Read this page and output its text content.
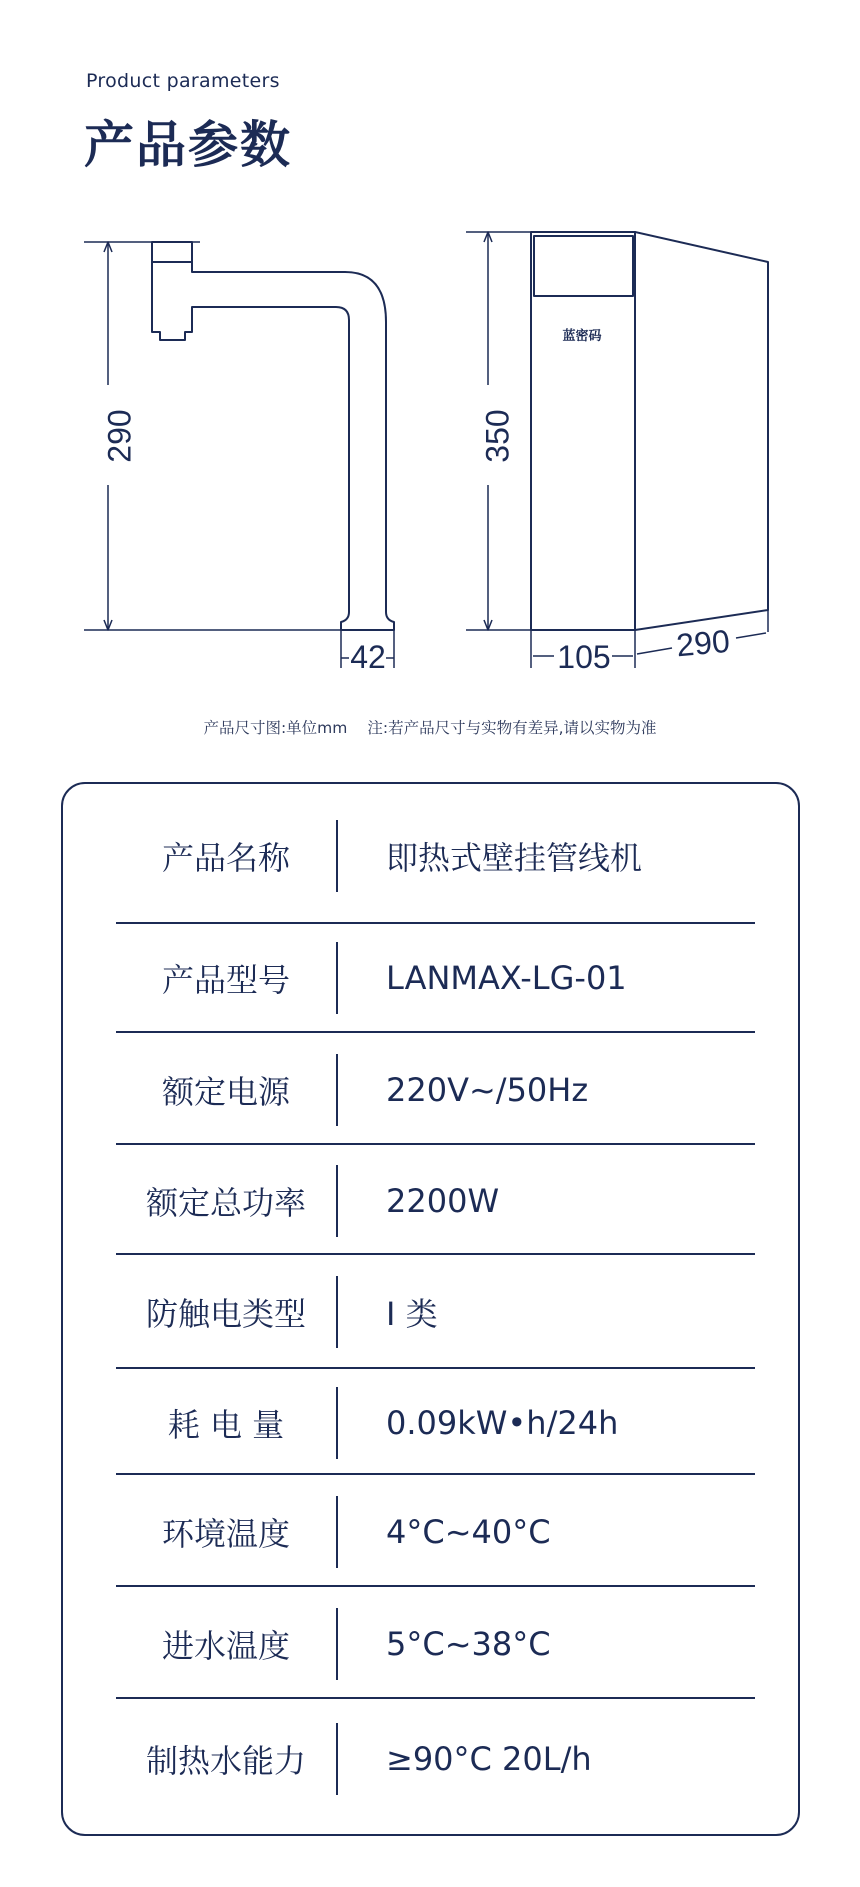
Product parameters
产品参数
290
42
350
105 290
蓝密码
产品尺寸图:单位mm 注:若产品尺寸与实物有差异,请以实物为准
产品名称	即热式壁挂管线机
产品型号	LANMAX-LG-01
额定电源	220V~/50Hz
额定总功率	2200W
防触电类型	I 类
耗 电 量	0.09kW•h/24h
环境温度	4°C~40°C
进水温度	5°C~38°C
制热水能力	≥90°C 20L/h
